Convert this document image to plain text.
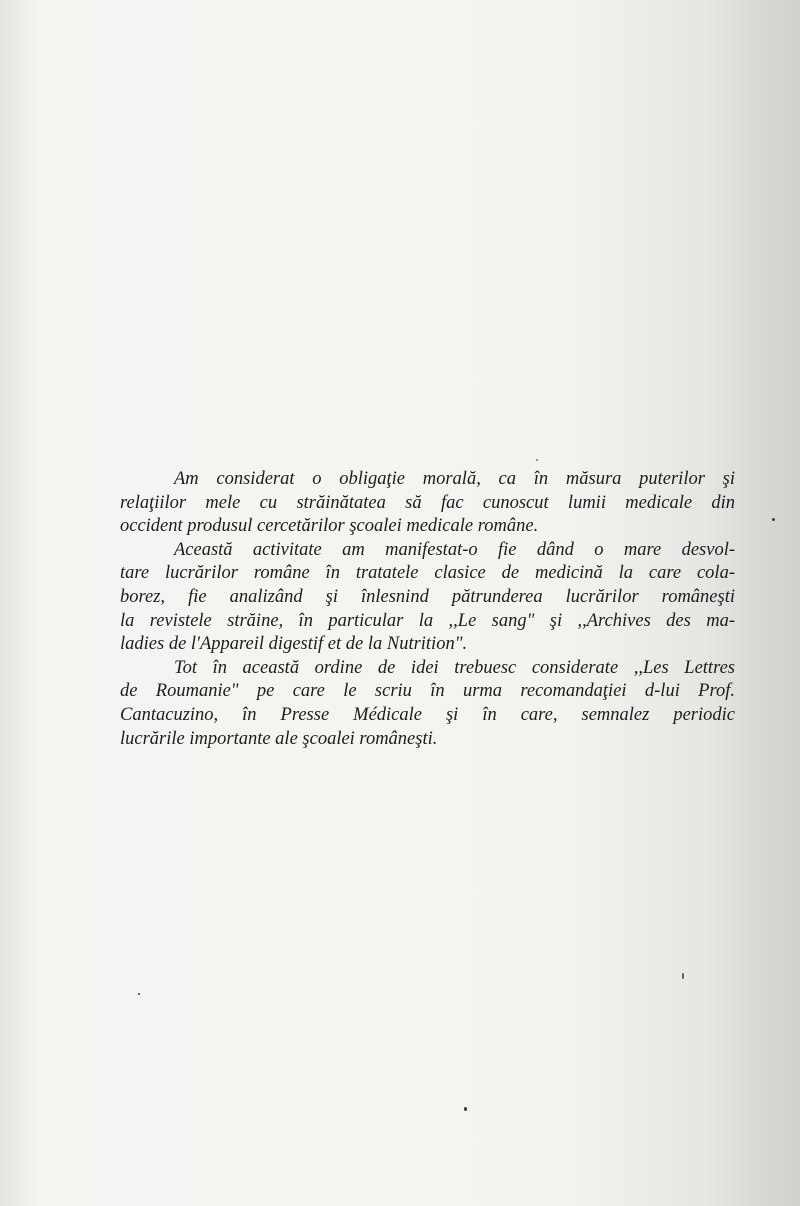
Am considerat o obligaţie morală, ca în măsura puterilor şi
relaţiilor mele cu străinătatea să fac cunoscut lumii medicale din
occident produsul cercetărilor şcoalei medicale române.

Această activitate am manifestat-o fie dând o mare desvol-
tare lucrărilor române în tratatele clasice de medicină la care cola-
borez, fie analizând şi înlesnind pătrunderea lucrărilor româneşti
la revistele străine, în particular la ,,Le sang" şi ,,Archives des ma-
ladies de l'Appareil digestif et de la Nutrition".

Tot în această ordine de idei trebuesc considerate ,,Les Lettres
de Roumanie" pe care le scriu în urma recomandaţiei d-lui Prof.
Cantacuzino, în Presse Médicale şi în care, semnalez periodic
lucrările importante ale şcoalei româneşti.
